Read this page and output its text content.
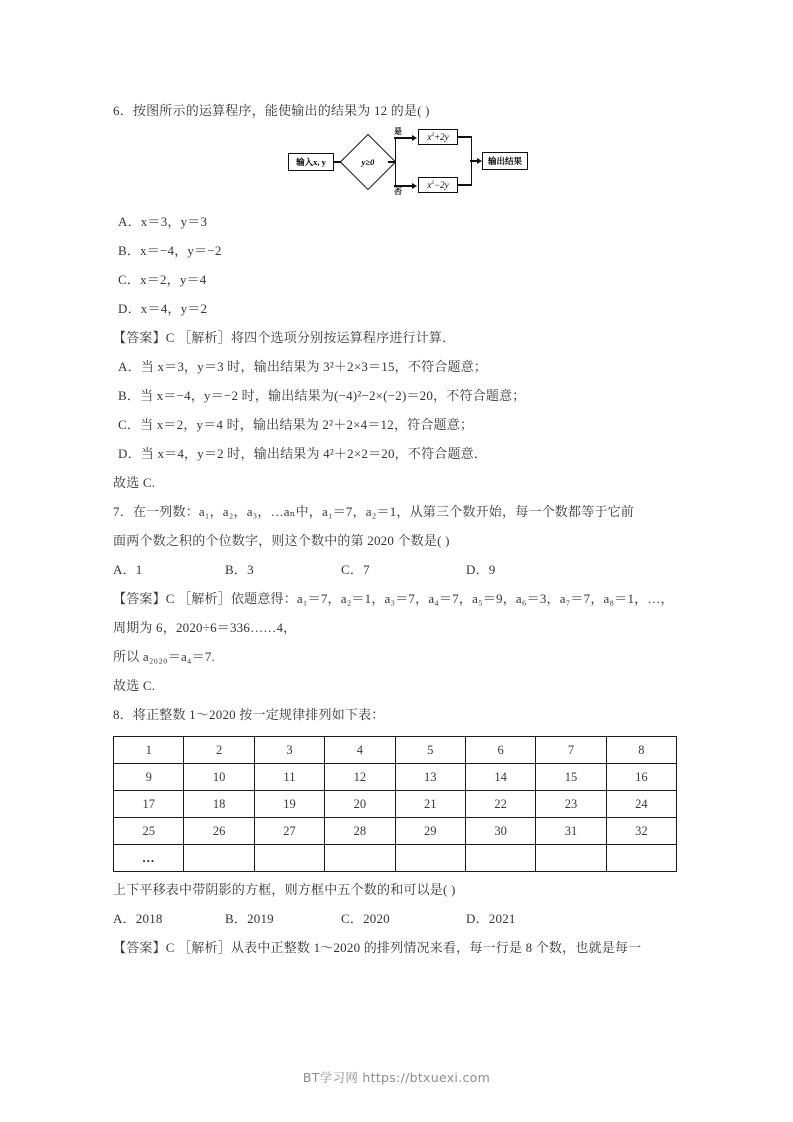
6．按图所示的运算程序，能使输出的结果为 12 的是( )
输入x, y	y≥0
是
$x^2+2y$
否
$x^2-2y$
输出结果
A．x＝3，y＝3
B．x＝−4，y＝−2
C．x＝2，y＝4
D．x＝4，y＝2
【答案】C ［解析］将四个选项分别按运算程序进行计算．
A．当 x＝3，y＝3 时，输出结果为 3²＋2×3＝15，不符合题意；
B．当 x＝−4，y＝−2 时，输出结果为(−4)²−2×(−2)＝20，不符合题意；
C．当 x＝2，y＝4 时，输出结果为 2²＋2×4＝12，符合题意；
D．当 x＝4，y＝2 时，输出结果为 4²＋2×2＝20，不符合题意．
故选 C.
7．在一列数：a₁，a₂，a₃，…aₙ中，a₁＝7，a₂＝1，从第三个数开始，每一个数都等于它前
面两个数之积的个位数字，则这个数中的第 2020 个数是( )
A．1	B．3	C．7	D．9
【答案】C ［解析］依题意得：a₁＝7，a₂＝1，a₃＝7，a₄＝7，a₅＝9，a₆＝3，a₇＝7，a₈＝1，…，
周期为 6，2020÷6＝336……4，
所以 a₂₀₂₀＝a₄＝7.
故选 C.
8．将正整数 1～2020 按一定规律排列如下表：
1	2	3	4	5	6	7	8
9	10	11	12	13	14	15	16
17	18	19	20	21	22	23	24
25	26	27	28	29	30	31	32
…							
上下平移表中带阴影的方框，则方框中五个数的和可以是( )
A．2018	B．2019	C．2020	D．2021
【答案】C ［解析］从表中正整数 1～2020 的排列情况来看，每一行是 8 个数，也就是每一
BT学习网 https://btxuexi.com
